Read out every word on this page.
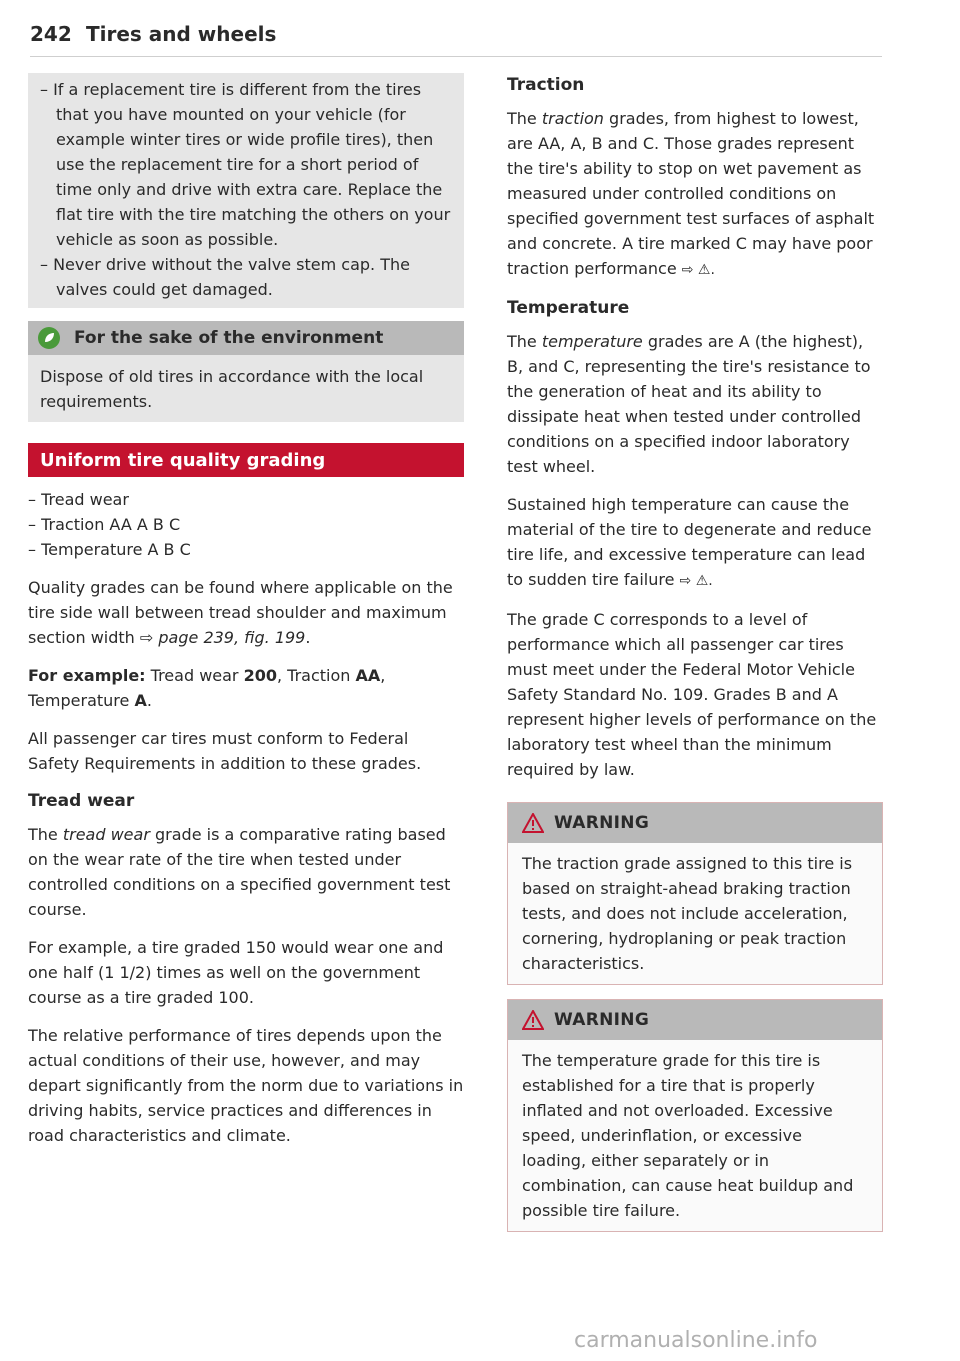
242 Tires and wheels

– If a replacement tire is different from the tires that you have mounted on your vehicle (for example winter tires or wide profile tires), then use the replacement tire for a short period of time only and drive with extra care. Replace the flat tire with the tire matching the others on your vehicle as soon as possible.

– Never drive without the valve stem cap. The valves could get damaged.

For the sake of the environment

Dispose of old tires in accordance with the local requirements.

Uniform tire quality grading

– Tread wear

– Traction AA A B C

– Temperature A B C

Quality grades can be found where applicable on the tire side wall between tread shoulder and maximum section width ⇨ page 239, fig. 199.

For example: Tread wear 200, Traction AA, Temperature A.

All passenger car tires must conform to Federal Safety Requirements in addition to these grades.

Tread wear

The tread wear grade is a comparative rating based on the wear rate of the tire when tested under controlled conditions on a specified government test course.

For example, a tire graded 150 would wear one and one half (1 1/2) times as well on the government course as a tire graded 100.

The relative performance of tires depends upon the actual conditions of their use, however, and may depart significantly from the norm due to variations in driving habits, service practices and differences in road characteristics and climate.

Traction

The traction grades, from highest to lowest, are AA, A, B and C. Those grades represent the tire's ability to stop on wet pavement as measured under controlled conditions on specified government test surfaces of asphalt and concrete. A tire marked C may have poor traction performance ⇨ ⚠.

Temperature

The temperature grades are A (the highest), B, and C, representing the tire's resistance to the generation of heat and its ability to dissipate heat when tested under controlled conditions on a specified indoor laboratory test wheel.

Sustained high temperature can cause the material of the tire to degenerate and reduce tire life, and excessive temperature can lead to sudden tire failure ⇨ ⚠.

The grade C corresponds to a level of performance which all passenger car tires must meet under the Federal Motor Vehicle Safety Standard No. 109. Grades B and A represent higher levels of performance on the laboratory test wheel than the minimum required by law.

WARNING

The traction grade assigned to this tire is based on straight-ahead braking traction tests, and does not include acceleration, cornering, hydroplaning or peak traction characteristics.

WARNING

The temperature grade for this tire is established for a tire that is properly inflated and not overloaded. Excessive speed, underinflation, or excessive loading, either separately or in combination, can cause heat buildup and possible tire failure.

carmanualsonline.info
